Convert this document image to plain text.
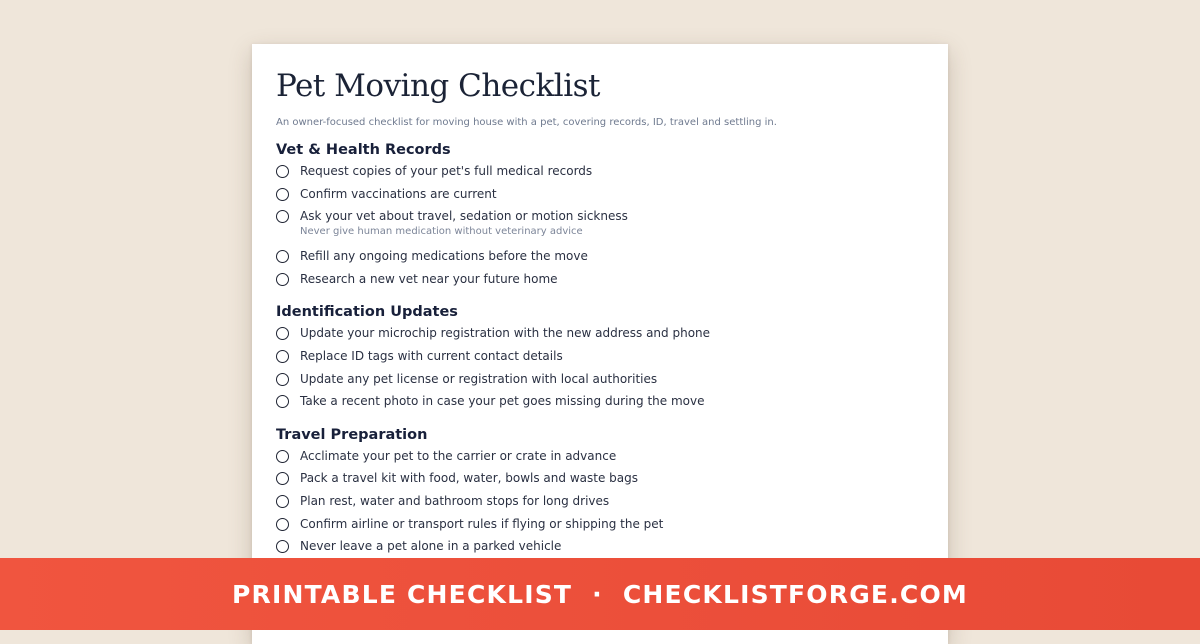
Pet Moving Checklist
An owner-focused checklist for moving house with a pet, covering records, ID, travel and settling in.
Vet & Health Records
Request copies of your pet's full medical records
Confirm vaccinations are current
Ask your vet about travel, sedation or motion sickness
Never give human medication without veterinary advice
Refill any ongoing medications before the move
Research a new vet near your future home
Identification Updates
Update your microchip registration with the new address and phone
Replace ID tags with current contact details
Update any pet license or registration with local authorities
Take a recent photo in case your pet goes missing during the move
Travel Preparation
Acclimate your pet to the carrier or crate in advance
Pack a travel kit with food, water, bowls and waste bags
Plan rest, water and bathroom stops for long drives
Confirm airline or transport rules if flying or shipping the pet
Never leave a pet alone in a parked vehicle
PRINTABLE CHECKLIST · CHECKLISTFORGE.COM
